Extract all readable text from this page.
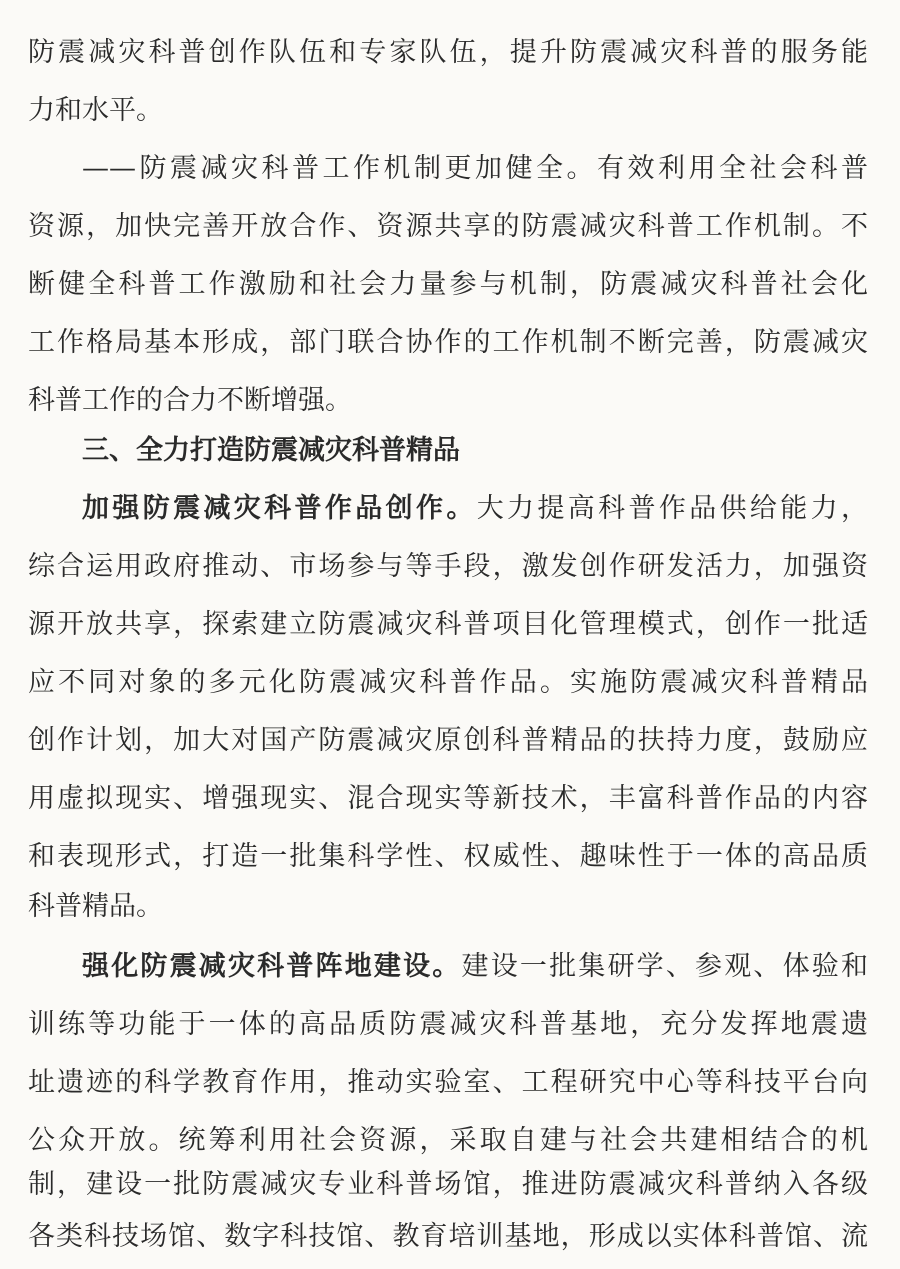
防震减灾科普创作队伍和专家队伍，提升防震减灾科普的服务能
力和水平。
——防震减灾科普工作机制更加健全。有效利用全社会科普
资源，加快完善开放合作、资源共享的防震减灾科普工作机制。不
断健全科普工作激励和社会力量参与机制，防震减灾科普社会化
工作格局基本形成，部门联合协作的工作机制不断完善，防震减灾
科普工作的合力不断增强。
三、全力打造防震减灾科普精品
加强防震减灾科普作品创作。大力提高科普作品供给能力，
综合运用政府推动、市场参与等手段，激发创作研发活力，加强资
源开放共享，探索建立防震减灾科普项目化管理模式，创作一批适
应不同对象的多元化防震减灾科普作品。实施防震减灾科普精品
创作计划，加大对国产防震减灾原创科普精品的扶持力度，鼓励应
用虚拟现实、增强现实、混合现实等新技术，丰富科普作品的内容
和表现形式，打造一批集科学性、权威性、趣味性于一体的高品质
科普精品。
强化防震减灾科普阵地建设。建设一批集研学、参观、体验和
训练等功能于一体的高品质防震减灾科普基地，充分发挥地震遗
址遗迹的科学教育作用，推动实验室、工程研究中心等科技平台向
公众开放。统筹利用社会资源，采取自建与社会共建相结合的机
制，建设一批防震减灾专业科普场馆，推进防震减灾科普纳入各级
各类科技场馆、数字科技馆、教育培训基地，形成以实体科普馆、流
